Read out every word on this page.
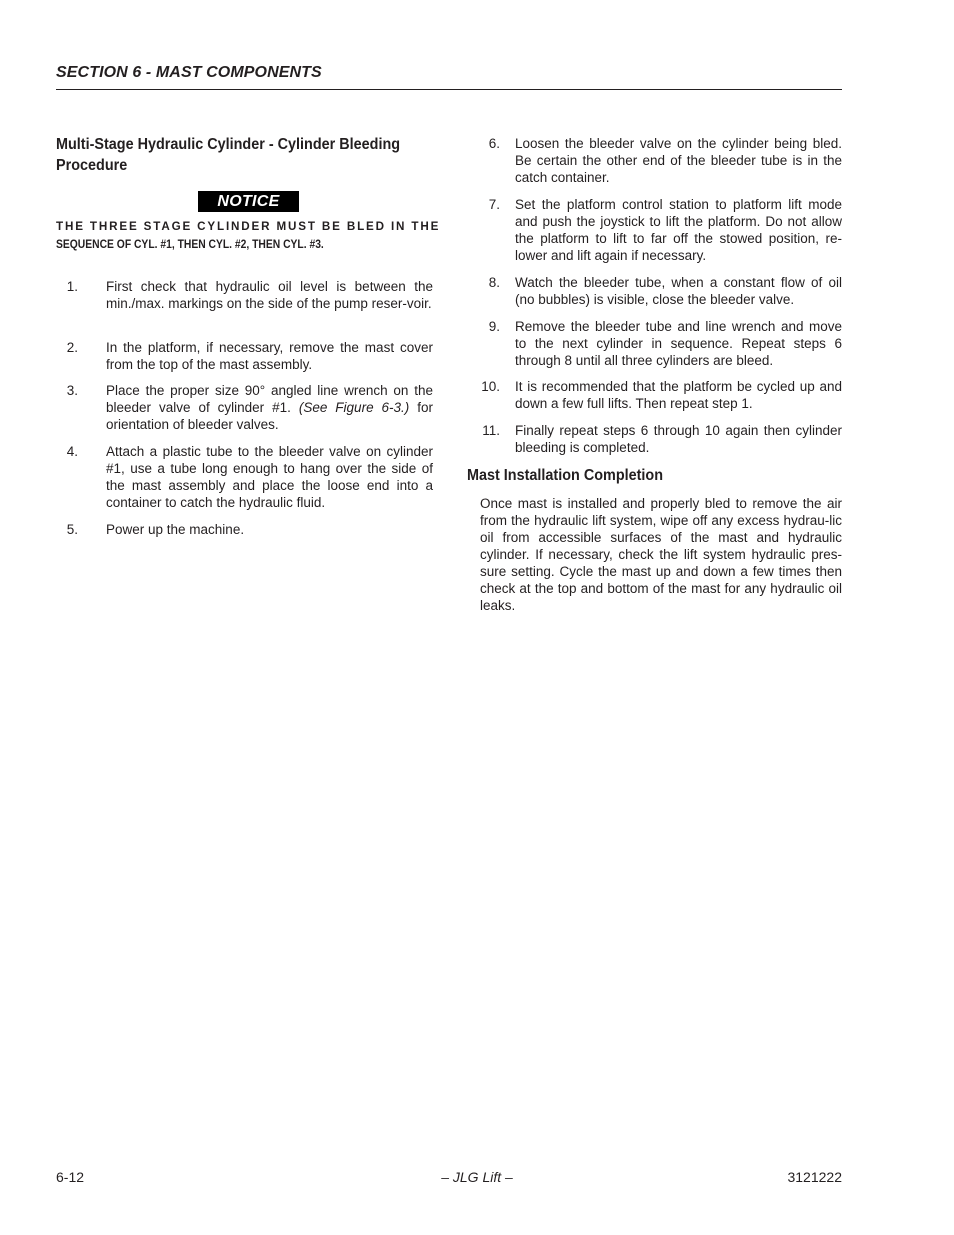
SECTION 6 - MAST COMPONENTS
Multi-Stage Hydraulic Cylinder - Cylinder Bleeding
Procedure
NOTICE
THE THREE STAGE CYLINDER MUST BE BLED IN THE
SEQUENCE OF CYL. #1, THEN CYL. #2, THEN CYL. #3.
1. First check that hydraulic oil level is between the min./max. markings on the side of the pump reser-voir.
2. In the platform, if necessary, remove the mast cover from the top of the mast assembly.
3. Place the proper size 90° angled line wrench on the bleeder valve of cylinder #1. (See Figure 6-3.) for orientation of bleeder valves.
4. Attach a plastic tube to the bleeder valve on cylinder #1, use a tube long enough to hang over the side of the mast assembly and place the loose end into a container to catch the hydraulic fluid.
5. Power up the machine.
6. Loosen the bleeder valve on the cylinder being bled. Be certain the other end of the bleeder tube is in the catch container.
7. Set the platform control station to platform lift mode and push the joystick to lift the platform. Do not allow the platform to lift to far off the stowed position, re-lower and lift again if necessary.
8. Watch the bleeder tube, when a constant flow of oil (no bubbles) is visible, close the bleeder valve.
9. Remove the bleeder tube and line wrench and move to the next cylinder in sequence. Repeat steps 6 through 8 until all three cylinders are bleed.
10. It is recommended that the platform be cycled up and down a few full lifts. Then repeat step 1.
11. Finally repeat steps 6 through 10 again then cylinder bleeding is completed.
Mast Installation Completion
Once mast is installed and properly bled to remove the air from the hydraulic lift system, wipe off any excess hydrau-lic oil from accessible surfaces of the mast and hydraulic cylinder. If necessary, check the lift system hydraulic pres-sure setting. Cycle the mast up and down a few times then check at the top and bottom of the mast for any hydraulic oil leaks.
6-12	– JLG Lift –	3121222
